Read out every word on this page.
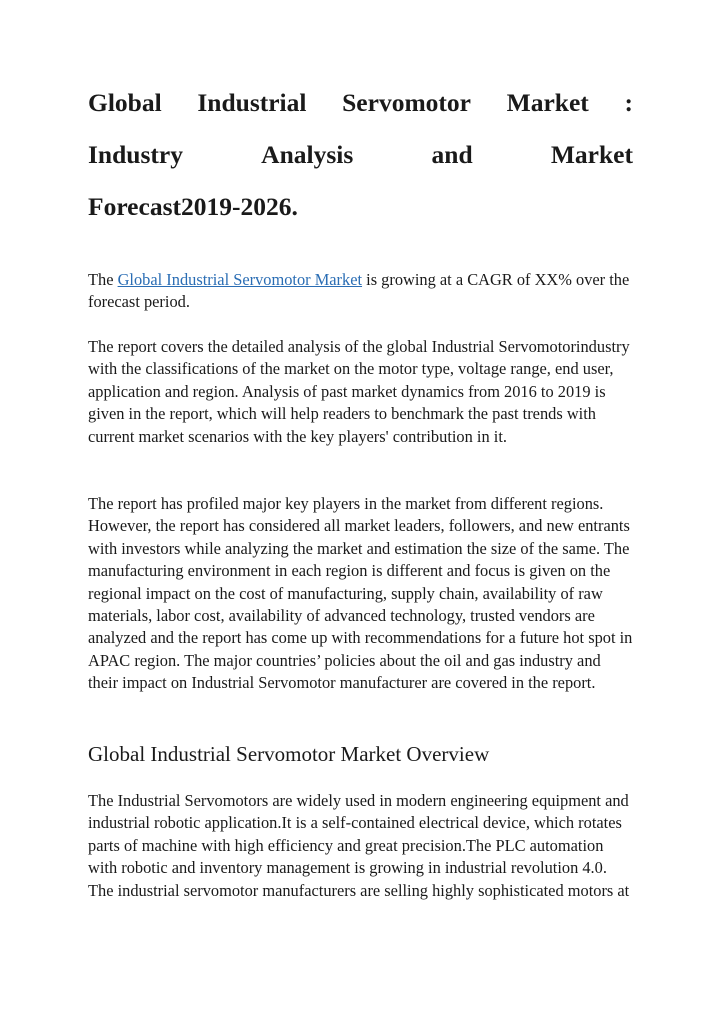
Global Industrial Servomotor Market :
Industry	Analysis	and	Market
Forecast2019-2026.

The Global Industrial Servomotor Market is growing at a CAGR of XX% over the forecast period.

The report covers the detailed analysis of the global Industrial Servomotorindustry with the classifications of the market on the motor type, voltage range, end user, application and region. Analysis of past market dynamics from 2016 to 2019 is given in the report, which will help readers to benchmark the past trends with current market scenarios with the key players' contribution in it.

The report has profiled major key players in the market from different regions. However, the report has considered all market leaders, followers, and new entrants with investors while analyzing the market and estimation the size of the same. The manufacturing environment in each region is different and focus is given on the regional impact on the cost of manufacturing, supply chain, availability of raw materials, labor cost, availability of advanced technology, trusted vendors are analyzed and the report has come up with recommendations for a future hot spot in APAC region. The major countries’ policies about the oil and gas industry and their impact on Industrial Servomotor manufacturer are covered in the report.

Global Industrial Servomotor Market Overview

The Industrial Servomotors are widely used in modern engineering equipment and industrial robotic application.It is a self-contained electrical device, which rotates parts of machine with high efficiency and great precision.The PLC automation with robotic and inventory management is growing in industrial revolution 4.0. The industrial servomotor manufacturers are selling highly sophisticated motors at
